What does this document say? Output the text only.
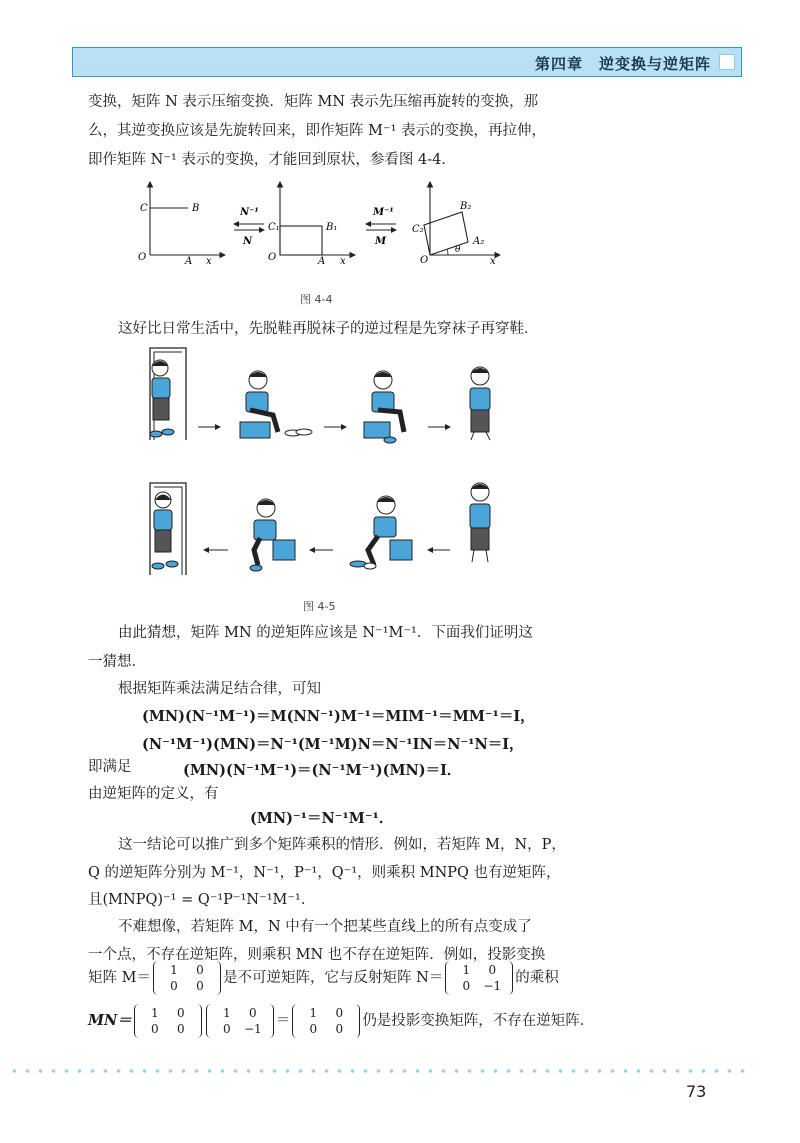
第四章　 逆变换与逆矩阵
变换，矩阵 N 表示压缩变换．矩阵 MN 表示先压缩再旋转的变换，那
么，其逆变换应该是先旋转回来，即作矩阵 M⁻¹ 表示的变换，再拉伸，
即作矩阵 N⁻¹ 表示的变换，才能回到原状，参看图 4-4．
O
C	B
A x
N⁻¹
N
O
C₁	B₁
A x
M⁻¹
M
O
C₂
B₂
A₂
θ
x
图 4-4
这好比日常生活中，先脱鞋再脱袜子的逆过程是先穿袜子再穿鞋．
图 4-5
由此猜想，矩阵 MN 的逆矩阵应该是 N⁻¹M⁻¹．下面我们证明这
一猜想．
根据矩阵乘法满足结合律，可知
(MN)(N⁻¹M⁻¹)＝M(NN⁻¹)M⁻¹＝MIM⁻¹＝MM⁻¹＝I，
(N⁻¹M⁻¹)(MN)＝N⁻¹(M⁻¹M)N＝N⁻¹IN＝N⁻¹N＝I，
即满足	(MN)(N⁻¹M⁻¹)＝(N⁻¹M⁻¹)(MN)＝I．
由逆矩阵的定义，有
(MN)⁻¹＝N⁻¹M⁻¹．
这一结论可以推广到多个矩阵乘积的情形．例如，若矩阵 M，N，P，
Q 的逆矩阵分别为 M⁻¹，N⁻¹，P⁻¹，Q⁻¹，则乘积 MNPQ 也有逆矩阵，
且(MNPQ)⁻¹ = Q⁻¹P⁻¹N⁻¹M⁻¹．
不难想像，若矩阵 M，N 中有一个把某些直线上的所有点变成了
一个点，不存在逆矩阵，则乘积 MN 也不存在逆矩阵．例如，投影变换
矩阵 M＝	1 0
0 0	是不可逆矩阵，它与反射矩阵 N＝	1 0
0 −1 的乘积
MN＝	1 0
0 0
1 0
0 −1 ＝	1 0
0 0	仍是投影变换矩阵，不存在逆矩阵．
73
